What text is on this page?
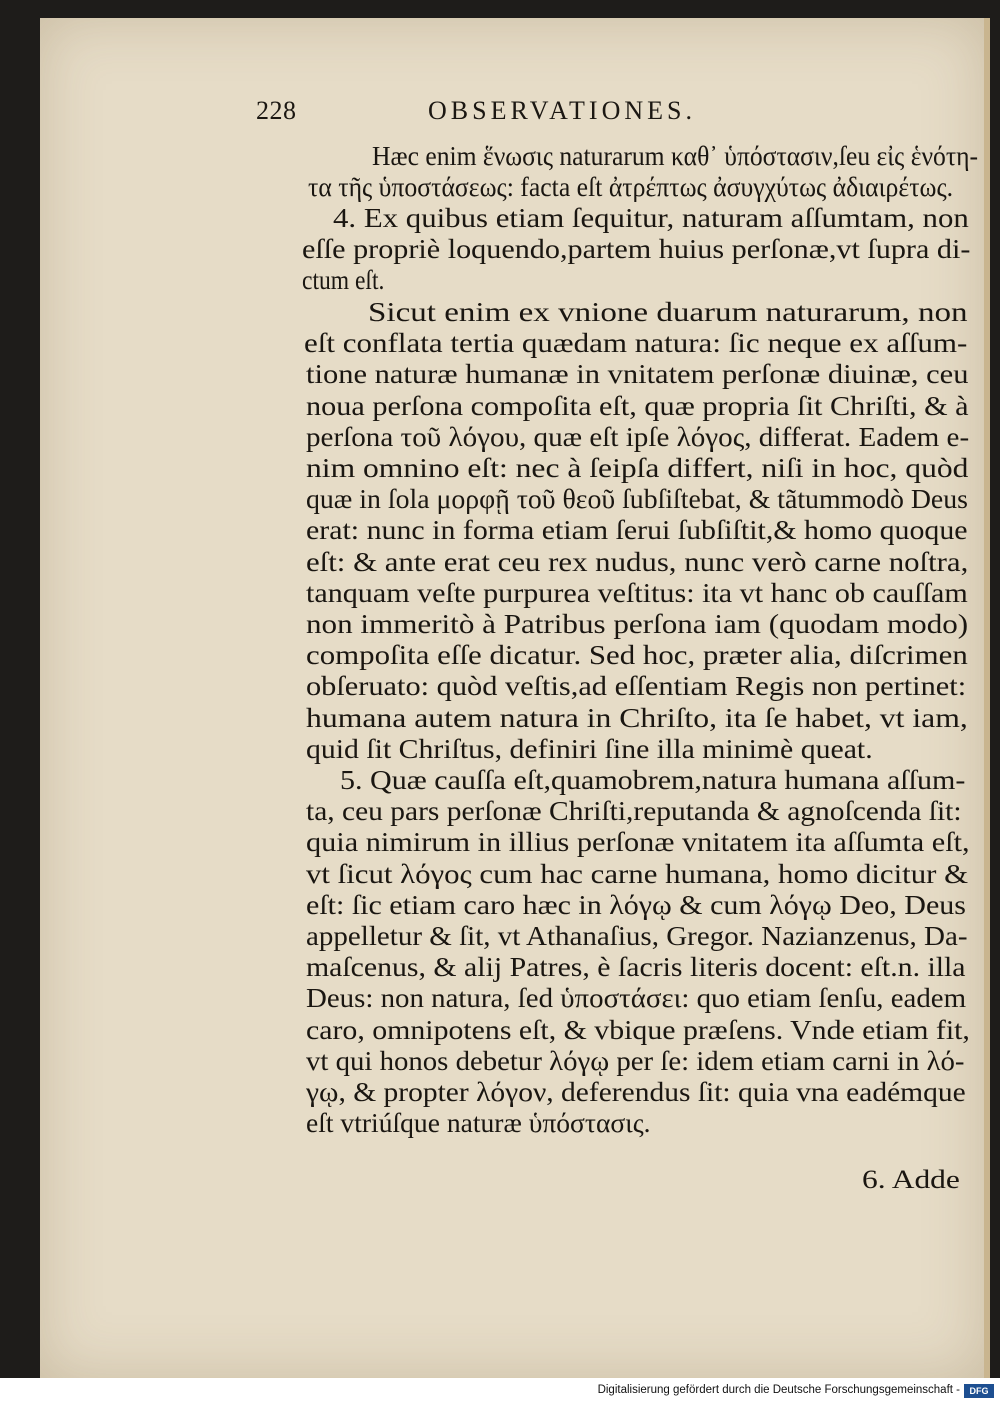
228	OBSERVATIONES.
Hæc enim ἕνωσις naturarum καθ᾽ ὑπόστασιν,ſeu εἰς ἑνότη-
τα τῆς ὑποστάσεως: facta eſt ἀτρέπτως ἀσυγχύτως ἀδιαιρέτως.
4. Ex quibus etiam ſequitur, naturam aſſumtam, non
eſſe propriè loquendo,partem huius perſonæ,vt ſupra di-
ctum eſt.
Sicut enim ex vnione duarum naturarum, non
eſt conflata tertia quædam natura: ſic neque ex aſſum-
tione naturæ humanæ in vnitatem perſonæ diuinæ, ceu
noua perſona compoſita eſt, quæ propria ſit Chriſti, & à
perſona τοῦ λόγου, quæ eſt ipſe λόγος, differat. Eadem e-
nim omnino eſt: nec à ſeipſa differt, niſi in hoc, quòd
quæ in ſola μορφῇ τοῦ θεοῦ ſubſiſtebat, & tãtummodò Deus
erat: nunc in forma etiam ſerui ſubſiſtit,& homo quoque
eſt: & ante erat ceu rex nudus, nunc verò carne noſtra,
tanquam veſte purpurea veſtitus: ita vt hanc ob cauſſam
non immeritò à Patribus perſona iam (quodam modo)
compoſita eſſe dicatur. Sed hoc, præter alia, diſcrimen
obſeruato: quòd veſtis,ad eſſentiam Regis non pertinet:
humana autem natura in Chriſto, ita ſe habet, vt iam,
quid ſit Chriſtus, definiri ſine illa minimè queat.
5. Quæ cauſſa eſt,quamobrem,natura humana aſſum-
ta, ceu pars perſonæ Chriſti,reputanda & agnoſcenda ſit:
quia nimirum in illius perſonæ vnitatem ita aſſumta eſt,
vt ſicut λόγος cum hac carne humana, homo dicitur &
eſt: ſic etiam caro hæc in λόγῳ & cum λόγῳ Deo, Deus
appelletur & ſit, vt Athanaſius, Gregor. Nazianzenus, Da-
maſcenus, & alij Patres, è ſacris literis docent: eſt.n. illa
Deus: non natura, ſed ὑποστάσει: quo etiam ſenſu, eadem
caro, omnipotens eſt, & vbique præſens. Vnde etiam fit,
vt qui honos debetur λόγῳ per ſe: idem etiam carni in λό-
γῳ, & propter λόγον, deferendus ſit: quia vna eadémque
eſt vtriúſque naturæ ὑπόστασις.
6. Adde
Digitalisierung gefördert durch die Deutsche Forschungsgemeinschaft -	DFG
